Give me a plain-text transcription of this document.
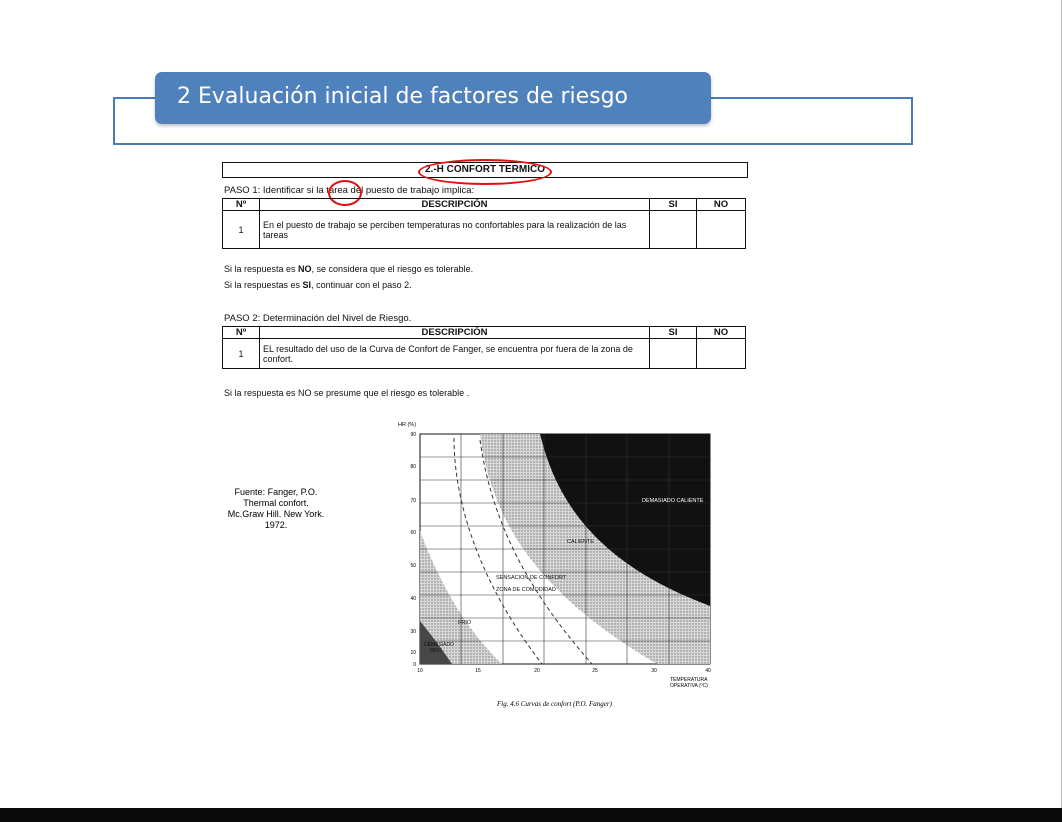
2 Evaluación inicial de factores de riesgo
2.-H CONFORT TERMICO
PASO 1: Identificar si la tarea del puesto de trabajo implica:
Nº	DESCRIPCIÓN	SI	NO
1	En el puesto de trabajo se perciben temperaturas no confortables para la realización de las tareas		
Si la respuesta es NO, se considera que el riesgo es tolerable.
Si la respuestas es SI, continuar con el paso 2.
PASO 2: Determinación del Nivel de Riesgo.
Nº	DESCRIPCIÓN	SI	NO
1	EL resultado del uso de la Curva de Confort de Fanger, se encuentra por fuera de la zona de confort.		
Si la respuesta es NO se presume que el riesgo es tolerable .
Fuente: Fanger, P.O.
Thermal confort.
Mc.Graw Hill. New York.
1972.
DEMASIADO CALIENTE
CALIENTE
SENSACION DE CONFORT
ZONA DE COMODIDAD
FRIO
DEMASIADO
FRIO
HR (%)
90
80
70
60
50
40
30
10
0
10	15	20	25	30	40
TEMPERATURA
OPERATIVA (ºC)
Fig. 4.6 Curvas de confort (P.O. Fanger)
